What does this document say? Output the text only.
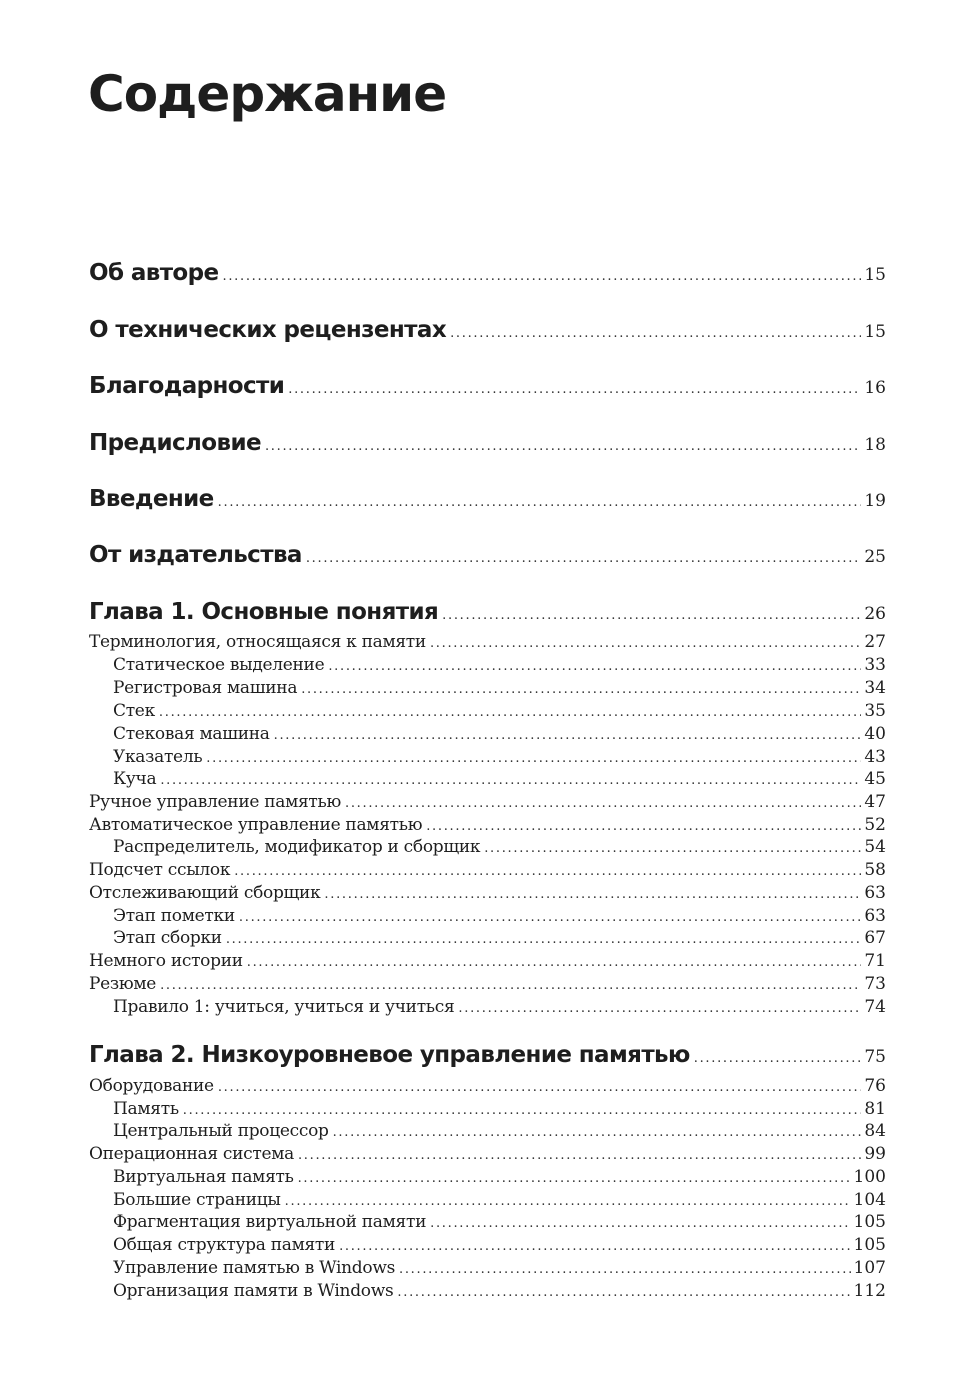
Содержание
Об авторе .....	15
О технических рецензентах .....	15
Благодарности .....	16
Предисловие .....	18
Введение .....	19
От издательства .....	25
Глава 1. Основные понятия .....	26
Терминология, относящаяся к памяти .....	27
Статическое выделение .....	33
Регистровая машина .....	34
Стек .....	35
Стековая машина .....	40
Указатель .....	43
Куча .....	45
Ручное управление памятью .....	47
Автоматическое управление памятью .....	52
Распределитель, модификатор и сборщик .....	54
Подсчет ссылок .....	58
Отслеживающий сборщик .....	63
Этап пометки .....	63
Этап сборки .....	67
Немного истории .....	71
Резюме .....	73
Правило 1: учиться, учиться и учиться .....	74
Глава 2. Низкоуровневое управление памятью .....	75
Оборудование .....	76
Память .....	81
Центральный процессор .....	84
Операционная система .....	99
Виртуальная память .....	100
Большие страницы .....	104
Фрагментация виртуальной памяти .....	105
Общая структура памяти .....	105
Управление памятью в Windows .....	107
Организация памяти в Windows .....	112
